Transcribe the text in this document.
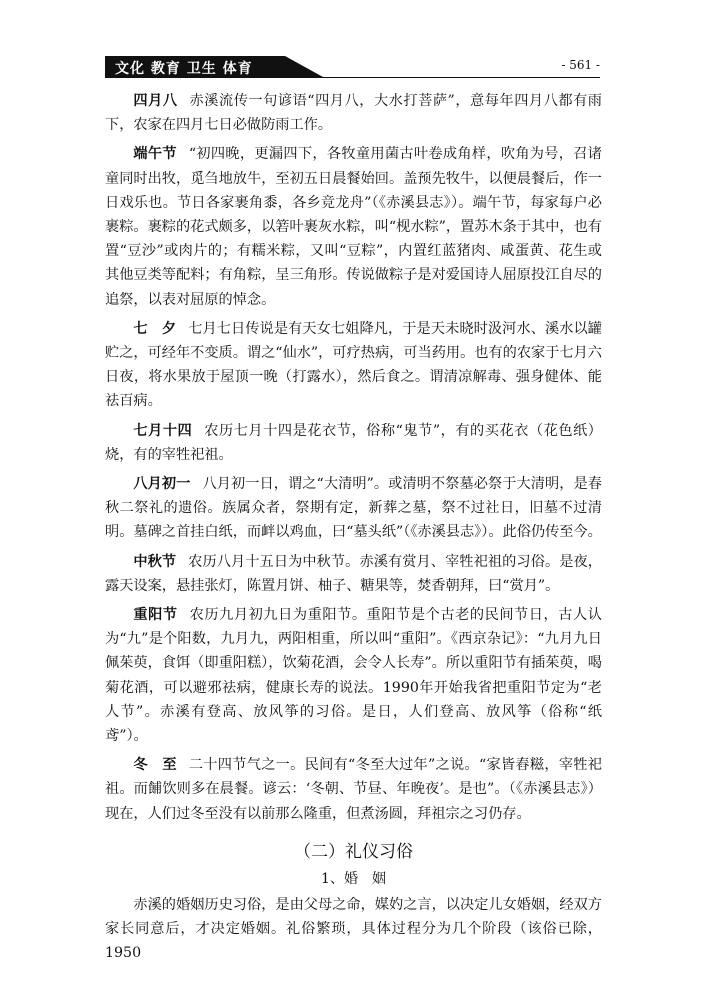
文化 教育 卫生 体育	- 561 -

四月八 赤溪流传一句谚语“四月八，大水打菩萨”，意每年四月八都有雨下，农家在四月七日必做防雨工作。

端午节 “初四晚，更漏四下，各牧童用菌古叶卷成角样，吹角为号，召诸童同时出牧，觅刍地放牛，至初五日晨餐始回。盖预先牧牛，以便晨餐后，作一日戏乐也。节日各家裹角黍，各乡竞龙舟”（《赤溪县志》）。端午节，每家每户必裹粽。裹粽的花式颇多，以箬叶裹灰水粽，叫“枧水粽”，置苏木条于其中，也有置“豆沙”或肉片的；有糯米粽，又叫“豆粽”，内置红蓝猪肉、咸蛋黄、花生或其他豆类等配料；有角粽，呈三角形。传说做粽子是对爱国诗人屈原投江自尽的追祭，以表对屈原的悼念。

七　夕 七月七日传说是有天女七姐降凡，于是天未晓时汲河水、溪水以罐贮之，可经年不变质。谓之“仙水”，可疗热病，可当药用。也有的农家于七月六日夜，将水果放于屋顶一晚（打露水），然后食之。谓清凉解毒、强身健体、能祛百病。

七月十四 农历七月十四是花衣节，俗称“鬼节”，有的买花衣（花色纸）烧，有的宰牲祀祖。

八月初一 八月初一日，谓之“大清明”。或清明不祭墓必祭于大清明，是春秋二祭礼的遗俗。族属众者，祭期有定，新葬之墓，祭不过社日，旧墓不过清明。墓碑之首挂白纸，而衅以鸡血，曰“墓头纸”（《赤溪县志》）。此俗仍传至今。

中秋节 农历八月十五日为中秋节。赤溪有赏月、宰牲祀祖的习俗。是夜，露天设案，悬挂张灯，陈置月饼、柚子、糖果等，焚香朝拜，曰“赏月”。

重阳节 农历九月初九日为重阳节。重阳节是个古老的民间节日，古人认为“九”是个阳数，九月九，两阳相重，所以叫“重阳”。《西京杂记》：“九月九日佩茱萸，食饵（即重阳糕），饮菊花酒，会令人长寿”。所以重阳节有插茱萸，喝菊花酒，可以避邪祛病，健康长寿的说法。1990年开始我省把重阳节定为“老人节”。赤溪有登高、放风筝的习俗。是日，人们登高、放风筝（俗称“纸鸢”）。

冬　至 二十四节气之一。民间有“冬至大过年”之说。“家皆舂糍，宰牲祀祖。而餔饮则多在晨餐。谚云：‘冬朝、节昼、年晚夜’。是也”。（《赤溪县志》）现在，人们过冬至没有以前那么隆重，但煮汤圆，拜祖宗之习仍存。

（二）礼仪习俗
1、婚　姻

赤溪的婚姻历史习俗，是由父母之命，媒妁之言，以决定儿女婚姻，经双方家长同意后，才决定婚姻。礼俗繁琐，具体过程分为几个阶段（该俗已除，1950
